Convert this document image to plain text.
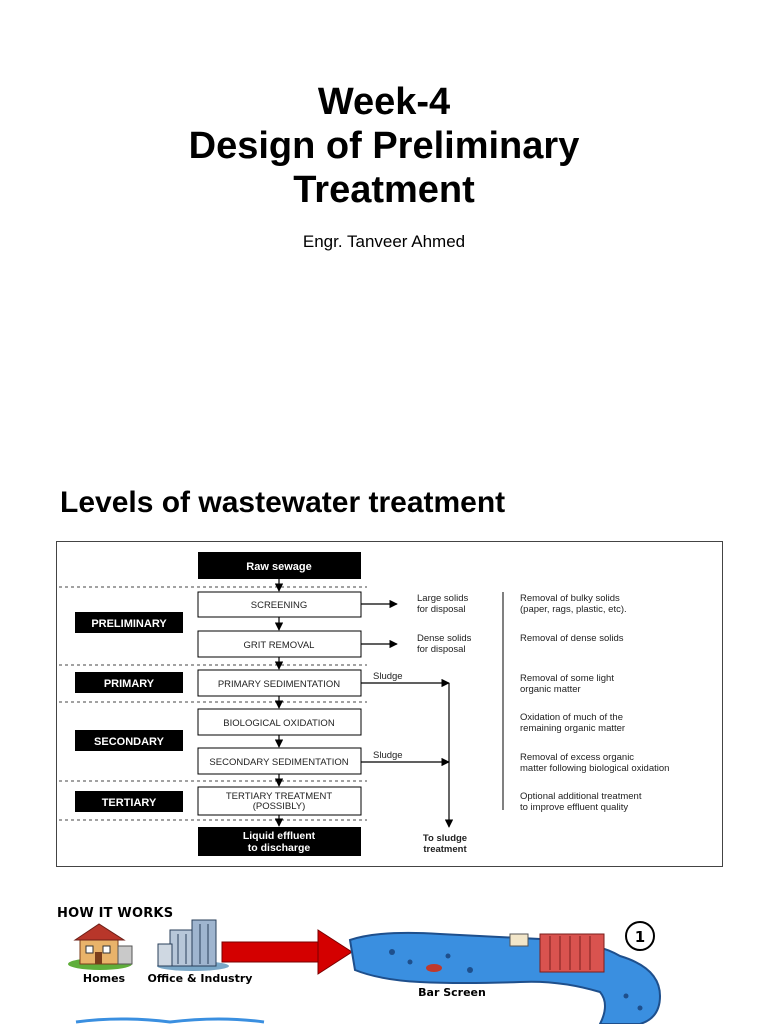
Week-4
Design of Preliminary
Treatment
Engr. Tanveer Ahmed
Levels of wastewater treatment
PRELIMINARY
PRIMARY
SECONDARY
TERTIARY
Raw sewage
SCREENING
GRIT REMOVAL
PRIMARY SEDIMENTATION
BIOLOGICAL OXIDATION
SECONDARY SEDIMENTATION
TERTIARY TREATMENT
(POSSIBLY)
Liquid effluent
to discharge
Large solids
for disposal
Dense solids
for disposal
Sludge
Sludge
To sludge
treatment
Removal of bulky solids
(paper, rags, plastic, etc).
Removal of dense solids
Removal of some light
organic matter
Oxidation of much of the
remaining organic matter
Removal of excess organic
matter following biological oxidation
Optional additional treatment
to improve effluent quality
HOW IT WORKS
Homes Office & Industry
Bar Screen
1
